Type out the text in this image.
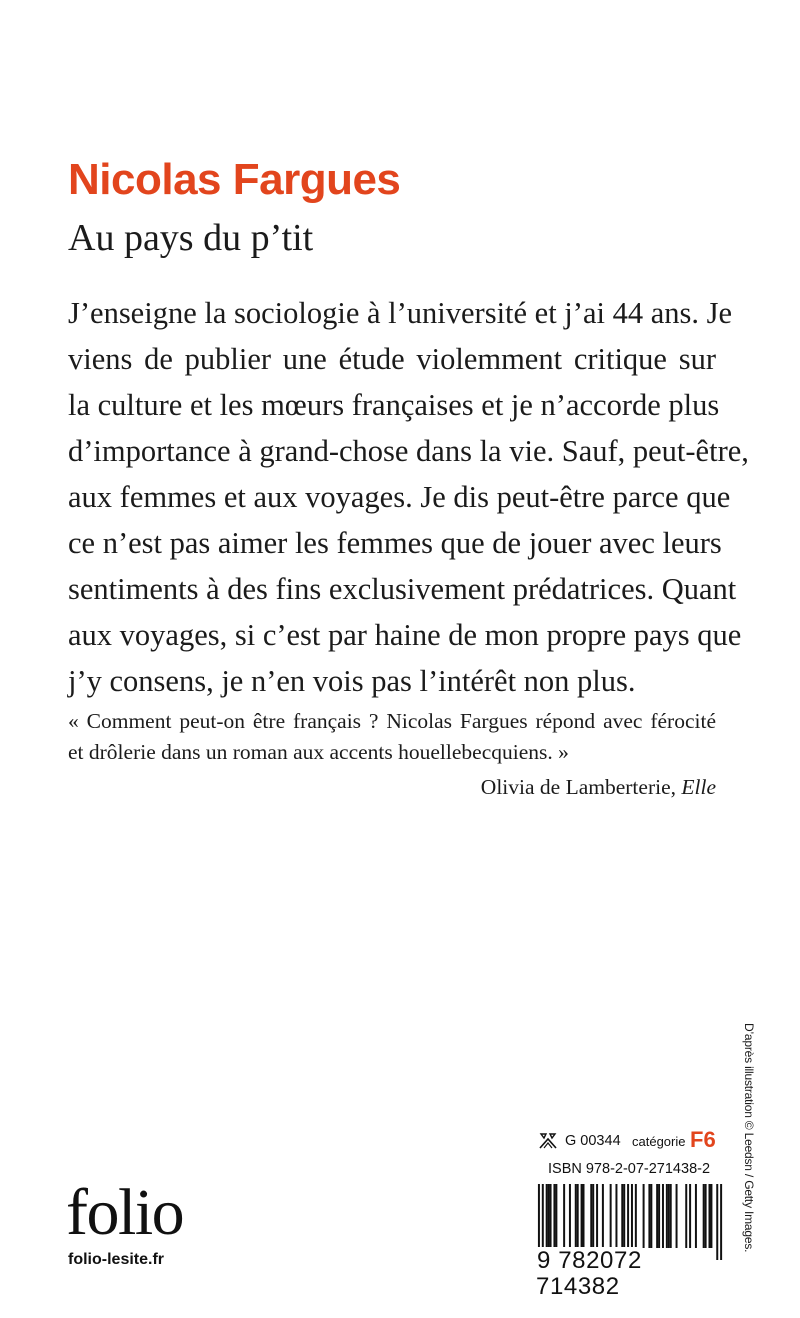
Nicolas Fargues
Au pays du p’tit
J’enseigne la sociologie à l’université et j’ai 44 ans. Je
viens de publier une étude violemment critique sur
la culture et les mœurs françaises et je n’accorde plus
d’importance à grand-chose dans la vie. Sauf, peut-être,
aux femmes et aux voyages. Je dis peut-être parce que
ce n’est pas aimer les femmes que de jouer avec leurs
sentiments à des fins exclusivement prédatrices. Quant
aux voyages, si c’est par haine de mon propre pays que
j’y consens, je n’en vois pas l’intérêt non plus.
« Comment peut-on être français ? Nicolas Fargues répond avec férocité
et drôlerie dans un roman aux accents houellebecquiens. »
Olivia de Lamberterie, Elle
D’après illustration © Leedsn / Getty Images.
folio
folio-lesite.fr
G 00344 catégorie F6
ISBN 978-2-07-271438-2
9 782072 714382
